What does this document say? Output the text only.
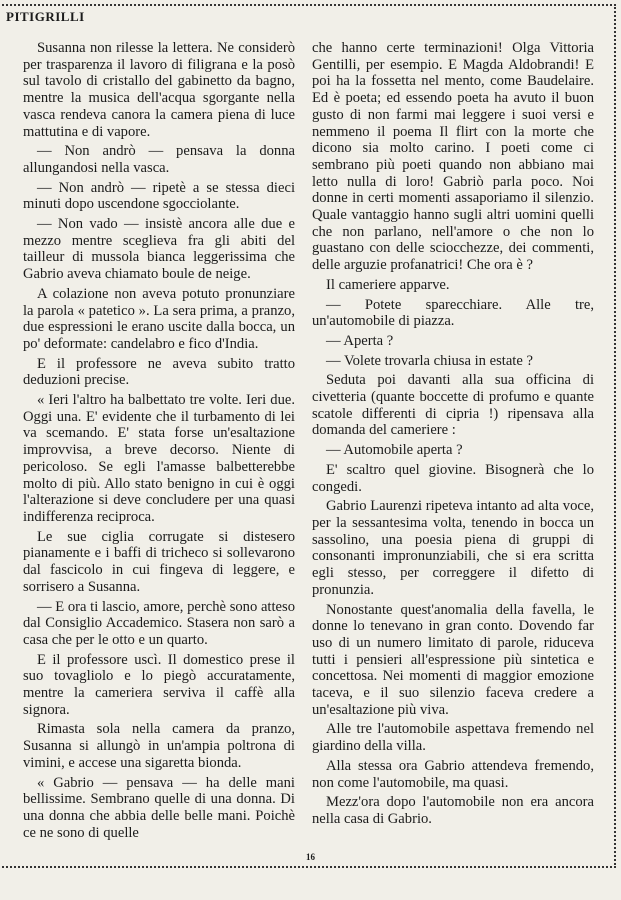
PITIGRILLI

Susanna non rilesse la lettera. Ne considerò per trasparenza il lavoro di filigrana e la posò sul tavolo di cristallo del gabinetto da bagno, mentre la musica dell'acqua sgorgante nella vasca rendeva canora la camera piena di luce mattutina e di vapore.

— Non andrò — pensava la donna allungandosi nella vasca.

— Non andrò — ripetè a se stessa dieci minuti dopo uscendone sgocciolante.

— Non vado — insistè ancora alle due e mezzo mentre sceglieva fra gli abiti del tailleur di mussola bianca leggerissima che Gabrio aveva chiamato boule de neige.

A colazione non aveva potuto pronunziare la parola « patetico ». La sera prima, a pranzo, due espressioni le erano uscite dalla bocca, un po' deformate: candelabro e fico d'India.

E il professore ne aveva subito tratto deduzioni precise.

« Ieri l'altro ha balbettato tre volte. Ieri due. Oggi una. E' evidente che il turbamento di lei va scemando. E' stata forse un'esaltazione improvvisa, a breve decorso. Niente di pericoloso. Se egli l'amasse balbetterebbe molto di più. Allo stato benigno in cui è oggi l'alterazione si deve concludere per una quasi indifferenza reciproca.

Le sue ciglia corrugate si distesero pianamente e i baffi di tricheco si sollevarono dal fascicolo in cui fingeva di leggere, e sorrisero a Susanna.

— E ora ti lascio, amore, perchè sono atteso dal Consiglio Accademico. Stasera non sarò a casa che per le otto e un quarto.

E il professore uscì. Il domestico prese il suo tovagliolo e lo piegò accuratamente, mentre la cameriera serviva il caffè alla signora.

Rimasta sola nella camera da pranzo, Susanna si allungò in un'ampia poltrona di vimini, e accese una sigaretta bionda.

« Gabrio — pensava — ha delle mani bellissime. Sembrano quelle di una donna. Di una donna che abbia delle belle mani. Poichè ce ne sono di quelle

che hanno certe terminazioni! Olga Vittoria Gentilli, per esempio. E Magda Aldobrandi! E poi ha la fossetta nel mento, come Baudelaire. Ed è poeta; ed essendo poeta ha avuto il buon gusto di non farmi mai leggere i suoi versi e nemmeno il poema Il flirt con la morte che dicono sia molto carino. I poeti come ci sembrano più poeti quando non abbiano mai letto nulla di loro! Gabriò parla poco. Noi donne in certi momenti assaporiamo il silenzio. Quale vantaggio hanno sugli altri uomini quelli che non parlano, nell'amore o che non lo guastano con delle sciocchezze, dei commenti, delle arguzie profanatrici! Che ora è ?

Il cameriere apparve.

— Potete sparecchiare. Alle tre, un'automobile di piazza.

— Aperta ?

— Volete trovarla chiusa in estate ?

Seduta poi davanti alla sua officina di civetteria (quante boccette di profumo e quante scatole differenti di cipria !) ripensava alla domanda del cameriere :

— Automobile aperta ?

E' scaltro quel giovine. Bisognerà che lo congedi.

Gabrio Laurenzi ripeteva intanto ad alta voce, per la sessantesima volta, tenendo in bocca un sassolino, una poesia piena di gruppi di consonanti impronunziabili, che si era scritta egli stesso, per correggere il difetto di pronunzia.

Nonostante quest'anomalia della favella, le donne lo tenevano in gran conto. Dovendo far uso di un numero limitato di parole, riduceva tutti i pensieri all'espressione più sintetica e concettosa. Nei momenti di maggior emozione taceva, e il suo silenzio faceva credere a un'esaltazione più viva.

Alle tre l'automobile aspettava fremendo nel giardino della villa.

Alla stessa ora Gabrio attendeva fremendo, non come l'automobile, ma quasi.

Mezz'ora dopo l'automobile non era ancora nella casa di Gabrio.

16
